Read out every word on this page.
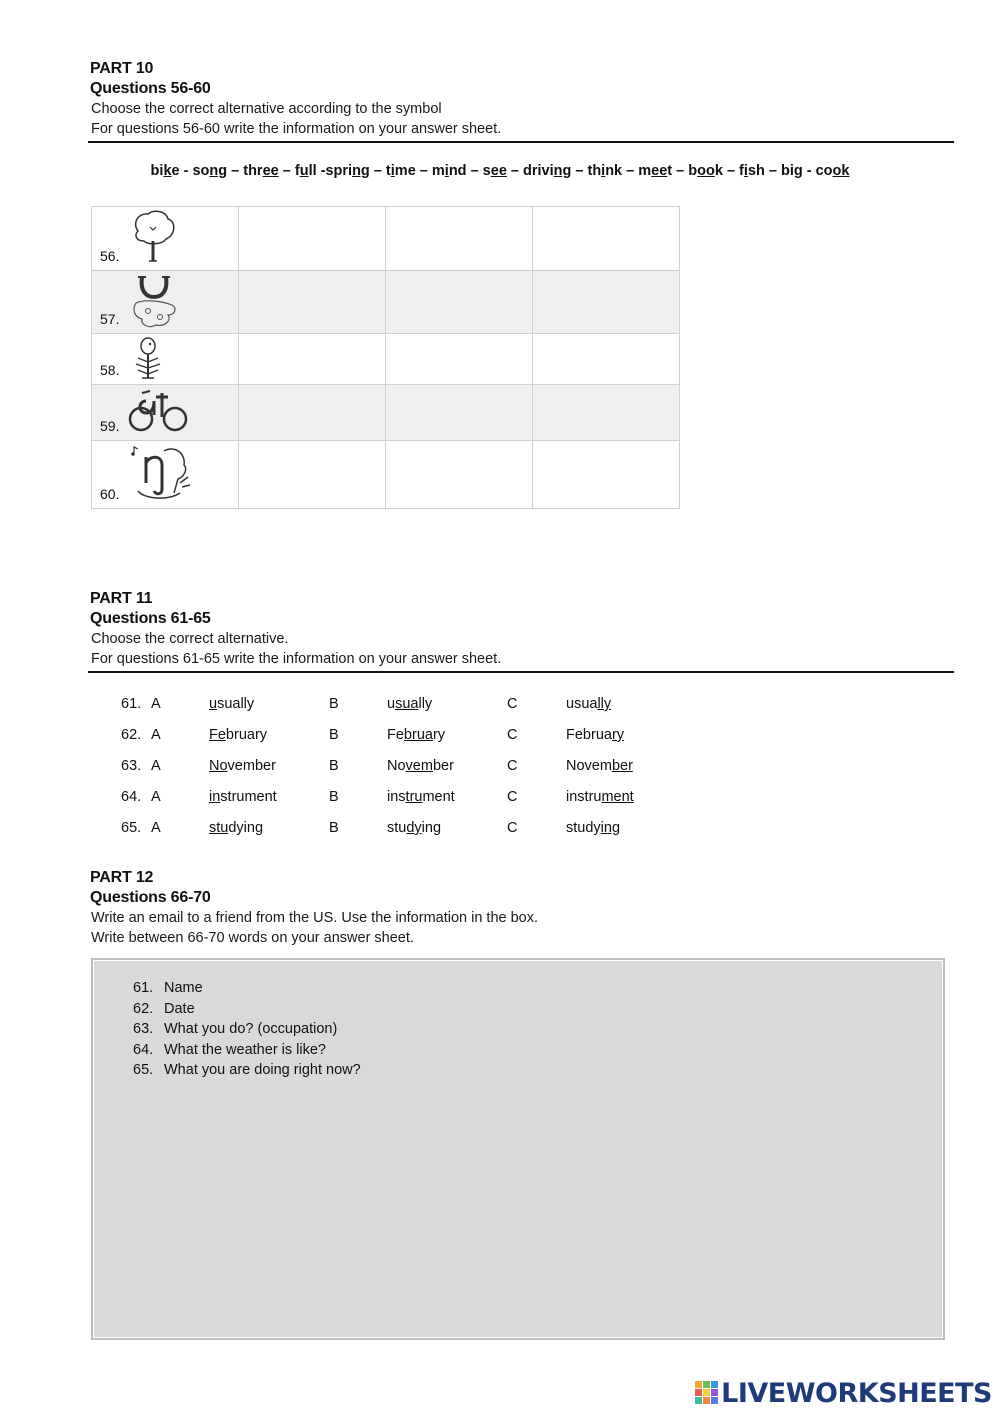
PART 10
Questions 56-60
Choose the correct alternative according to the symbol
For questions 56-60 write the information on your answer sheet.
bike - song – three – full -spring – time – mind – see – driving – think – meet – book – fish – big - cook
56.			

57.			

58.			

59.			

60.			

PART 11
Questions 61-65
Choose the correct alternative.
For questions 61-65 write the information on your answer sheet.
61. A	usually	B	usually	C	usually
62. A	February	B	February	C	February
63. A	November	B	November	C	November
64. A	instrument	B	instrument	C	instrument
65. A	studying	B	studying	C	studying
PART 12
Questions 66-70
Write an email to a friend from the US. Use the information in the box.
Write between 66-70 words on your answer sheet.
61. Name
62. Date
63. What you do? (occupation)
64. What the weather is like?
65. What you are doing right now?
LIVEWORKSHEETS
